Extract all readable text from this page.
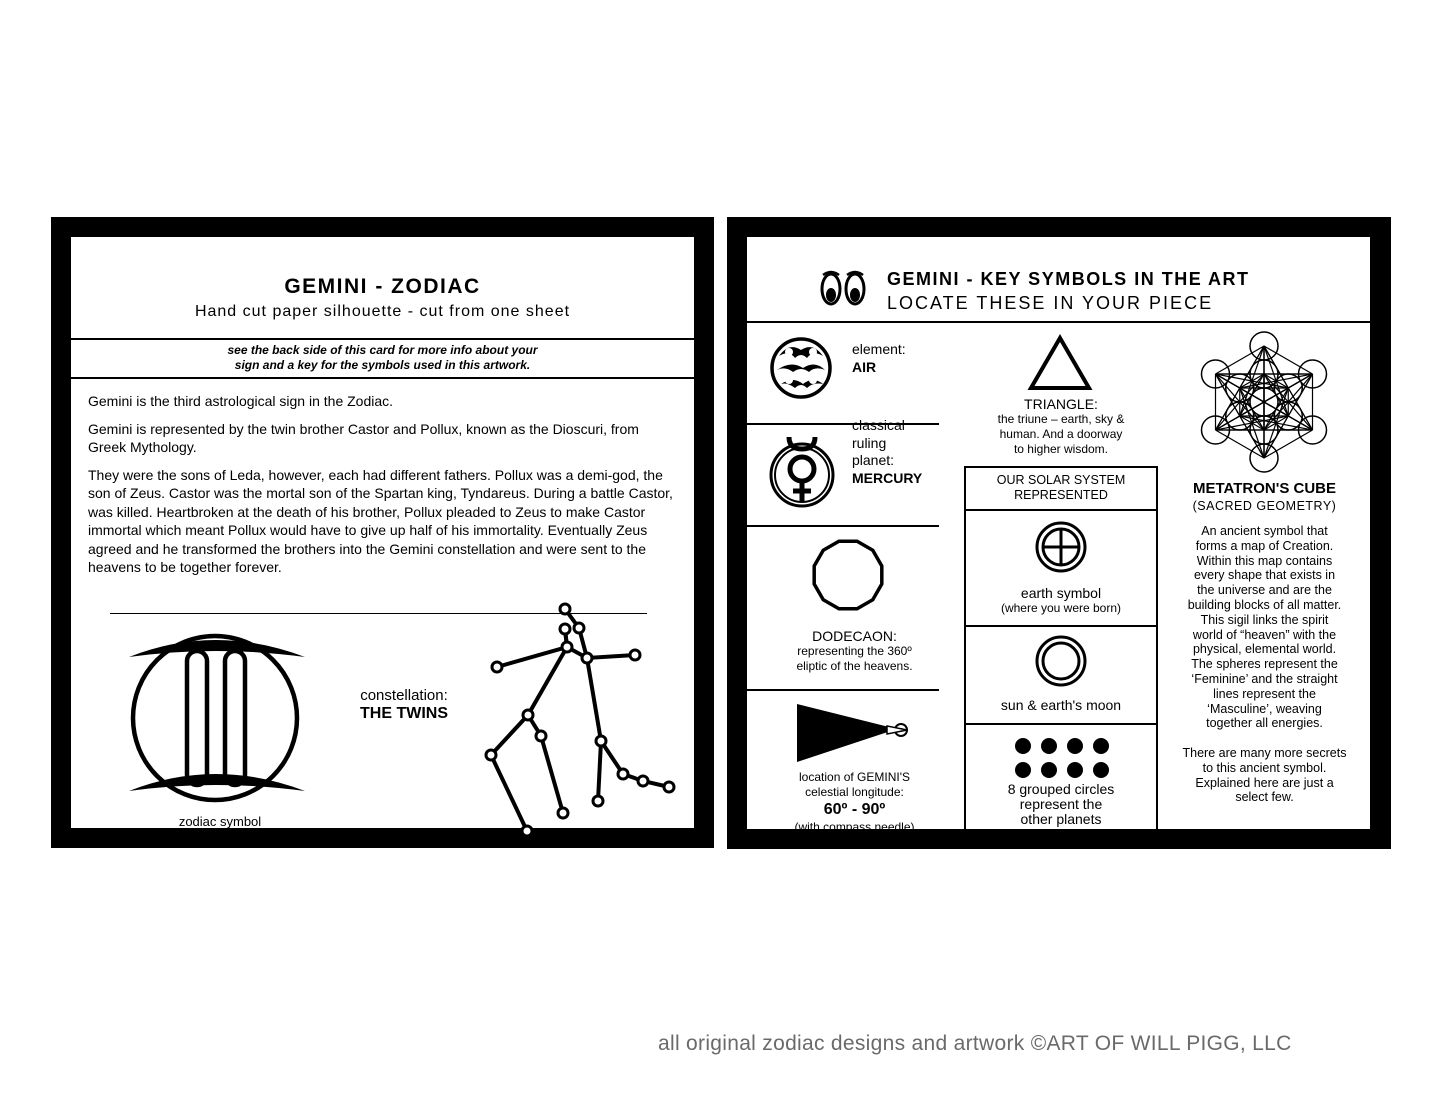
GEMINI - ZODIAC
Hand cut paper silhouette - cut from one sheet
see the back side of this card for more info about your
sign and a key for the symbols used in this artwork.

Gemini is the third astrological sign in the Zodiac.

Gemini is represented by the twin brother Castor and Pollux, known as the Dioscuri, from Greek Mythology.

They were the sons of Leda, however, each had different fathers. Pollux was a demi-god, the son of Zeus. Castor was the mortal son of the Spartan king, Tyndareus. During a battle Castor, was killed. Heartbroken at the death of his brother, Pollux pleaded to Zeus to make Castor immortal which meant Pollux would have to give up half of his immortality. Eventually Zeus agreed and he transformed the brothers into the Gemini constellation and were sent to the heavens to be together forever.

zodiac symbol
constellation:
THE TWINS
GEMINI - KEY SYMBOLS IN THE ART
LOCATE THESE IN YOUR PIECE
element:
AIR
classical
ruling
planet:
MERCURY
DODECAON:
representing the 360º
eliptic of the heavens.
location of GEMINI'S
celestial longitude:
60º - 90º
(with compass needle)
TRIANGLE:
the triune – earth, sky &
human. And a doorway
to higher wisdom.
OUR SOLAR SYSTEM
REPRESENTED
earth symbol
(where you were born)
sun & earth's moon
8 grouped circles
represent the
other planets
METATRON'S CUBE
(SACRED GEOMETRY)
An ancient symbol that
forms a map of Creation.
Within this map contains
every shape that exists in
the universe and are the
building blocks of all matter.
This sigil links the spirit
world of “heaven” with the
physical, elemental world.
The spheres represent the
‘Feminine’ and the straight
lines represent the
‘Masculine’, weaving
together all energies.
There are many more secrets
to this ancient symbol.
Explained here are just a
select few.
all original zodiac designs and artwork ©ART OF WILL PIGG, LLC
